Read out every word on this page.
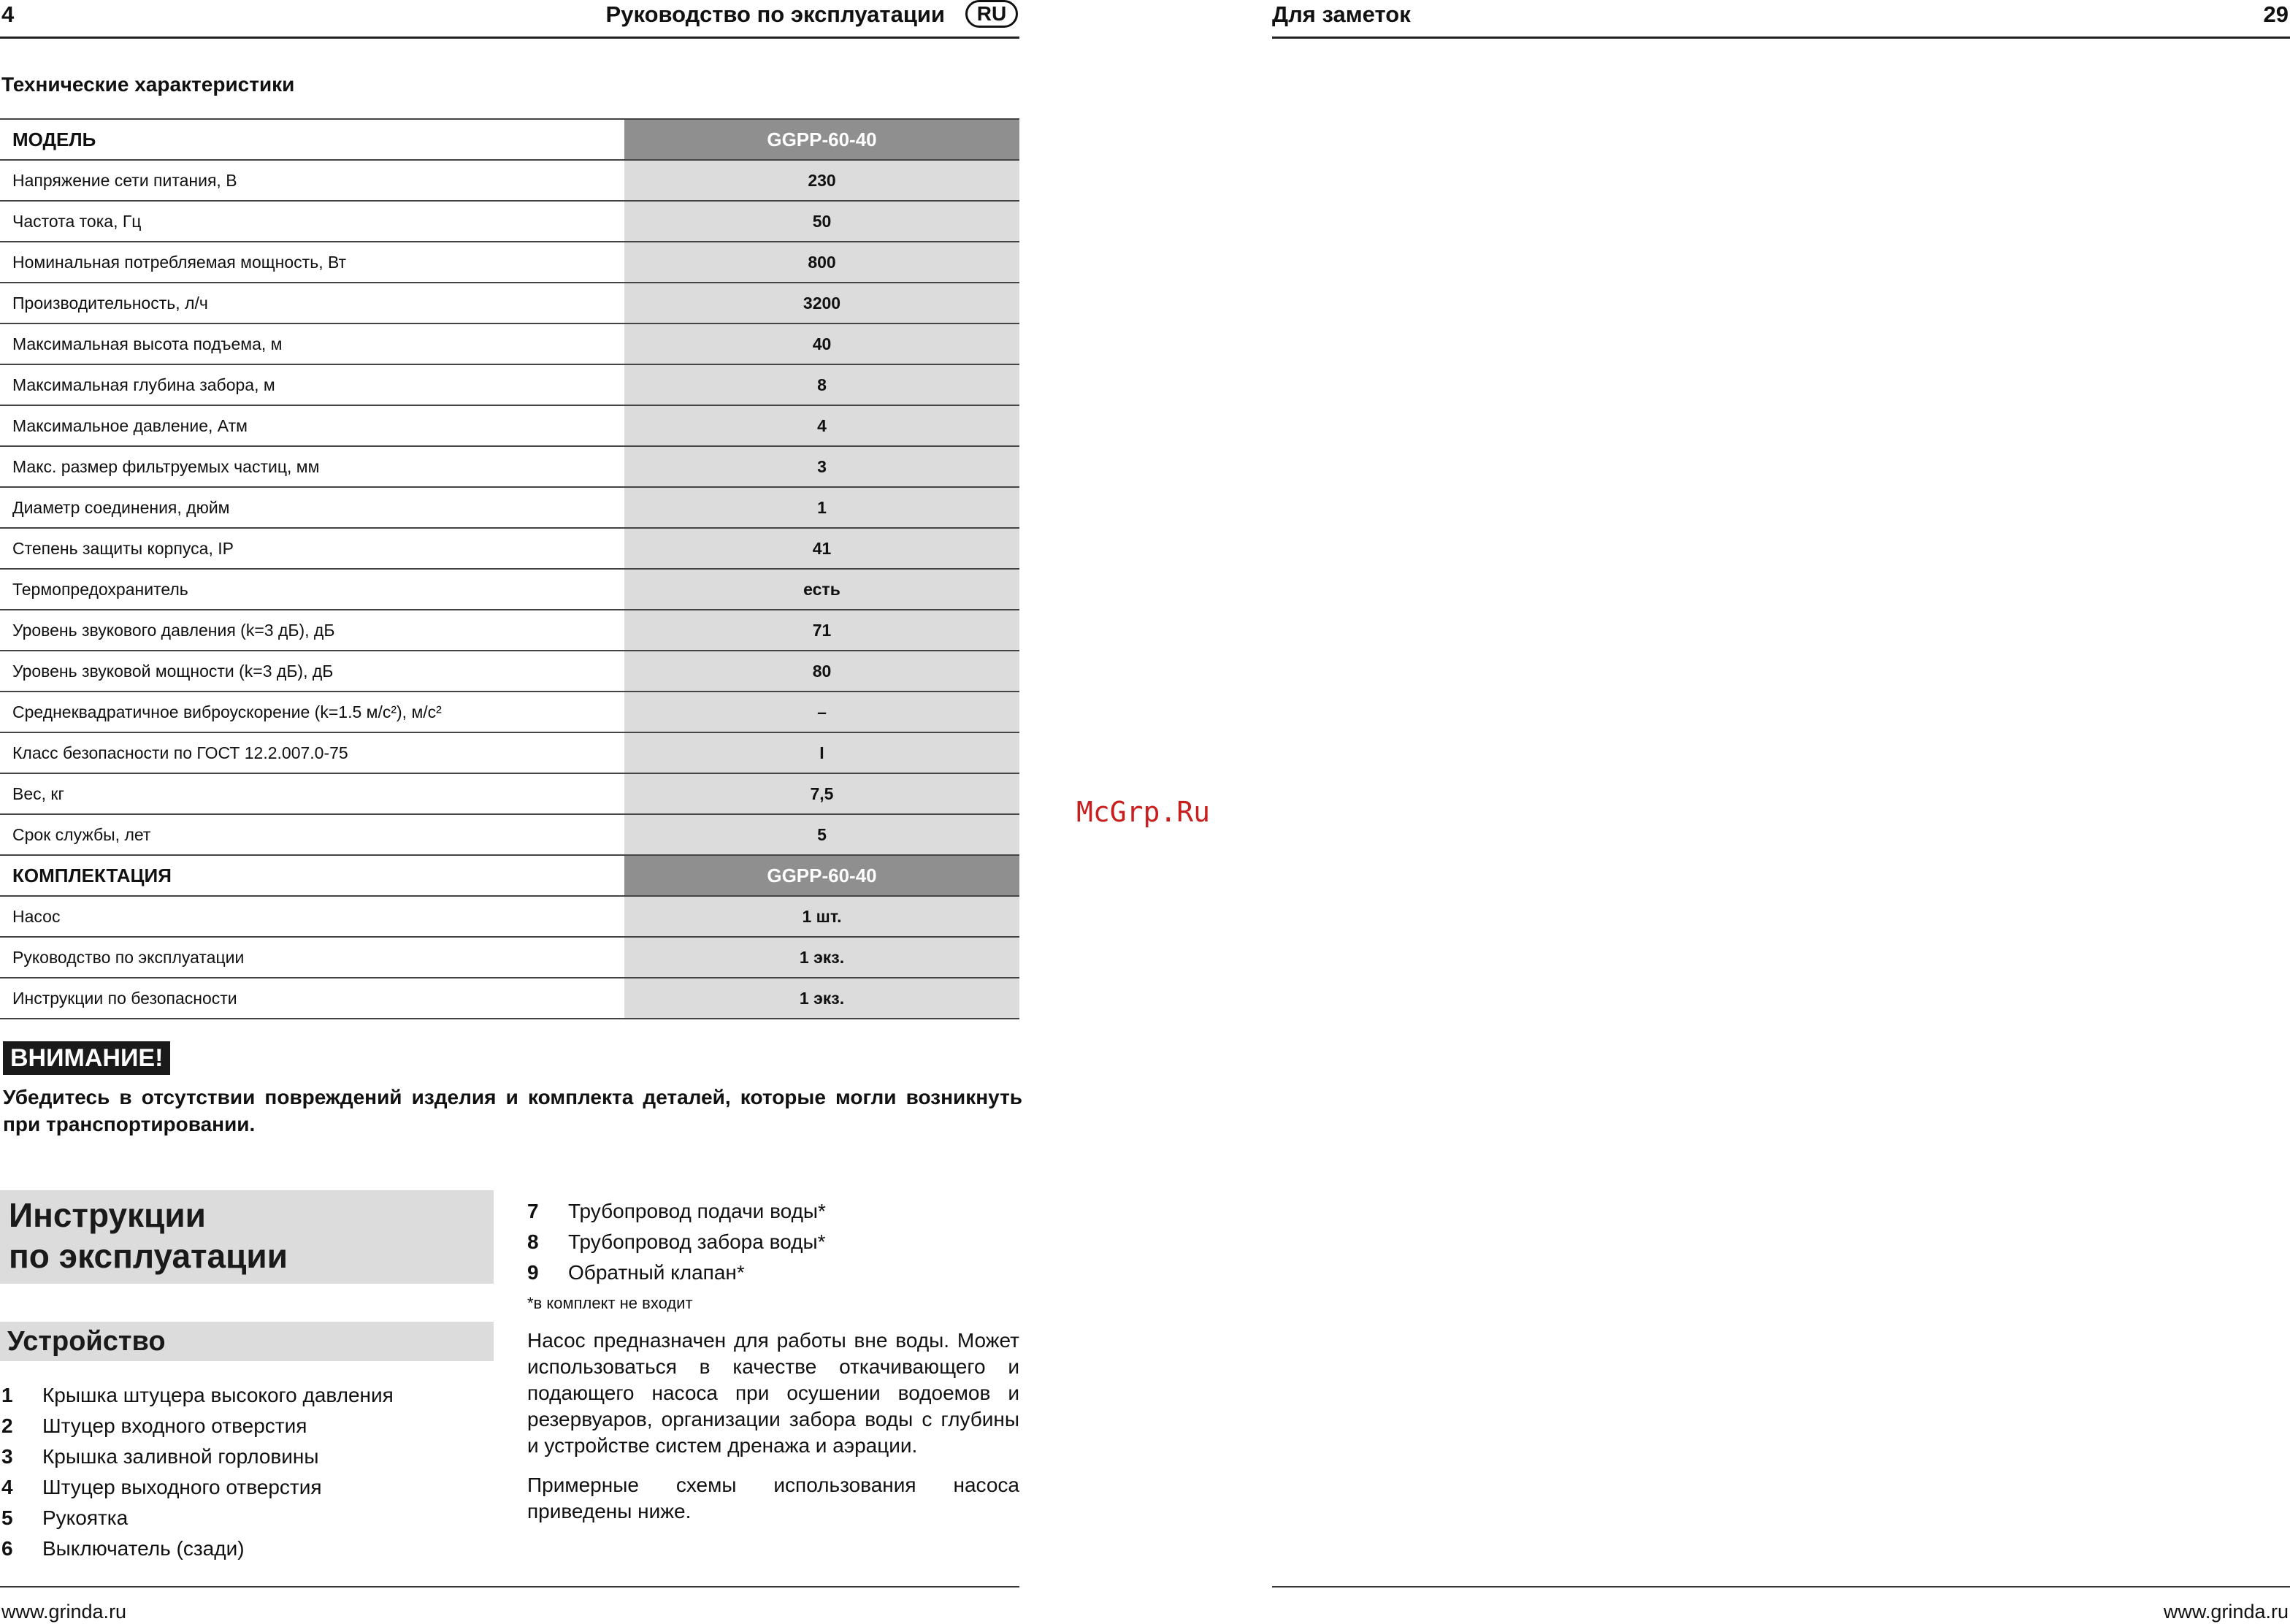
4	Руководство по эксплуатации	RU	Для заметок	29
Технические характеристики
МОДЕЛЬ	GGPP-60-40
Напряжение сети питания, В	230
Частота тока, Гц	50
Номинальная потребляемая мощность, Вт	800
Производительность, л/ч	3200
Максимальная высота подъема, м	40
Максимальная глубина забора, м	8
Максимальное давление, Атм	4
Макс. размер фильтруемых частиц, мм	3
Диаметр соединения, дюйм	1
Степень защиты корпуса, IP	41
Термопредохранитель	есть
Уровень звукового давления (k=3 дБ), дБ	71
Уровень звуковой мощности (k=3 дБ), дБ	80
Среднеквадратичное виброускорение (k=1.5 м/с²), м/с²	–
Класс безопасности по ГОСТ 12.2.007.0-75	I
Вес, кг	7,5
Срок службы, лет	5
КОМПЛЕКТАЦИЯ	GGPP-60-40
Насос	1 шт.
Руководство по эксплуатации	1 экз.
Инструкции по безопасности	1 экз.
ВНИМАНИЕ!
Убедитесь в отсутствии повреждений изделия и комплекта деталей, которые могли возникнуть при транспортировании.
Инструкции
по эксплуатации
Устройство
1 Крышка штуцера высокого давления
2 Штуцер входного отверстия
3 Крышка заливной горловины
4 Штуцер выходного отверстия
5 Рукоятка
6 Выключатель (сзади)
7 Трубопровод подачи воды*
8 Трубопровод забора воды*
9 Обратный клапан*
*в комплект не входит
Насос предназначен для работы вне воды. Может использоваться в качестве откачивающего и подающего насоса при осушении водоемов и резервуаров, организации забора воды с глубины и устройстве систем дренажа и аэрации.
Примерные схемы использования насоса приведены ниже.
McGrp.Ru
www.grinda.ru	www.grinda.ru
